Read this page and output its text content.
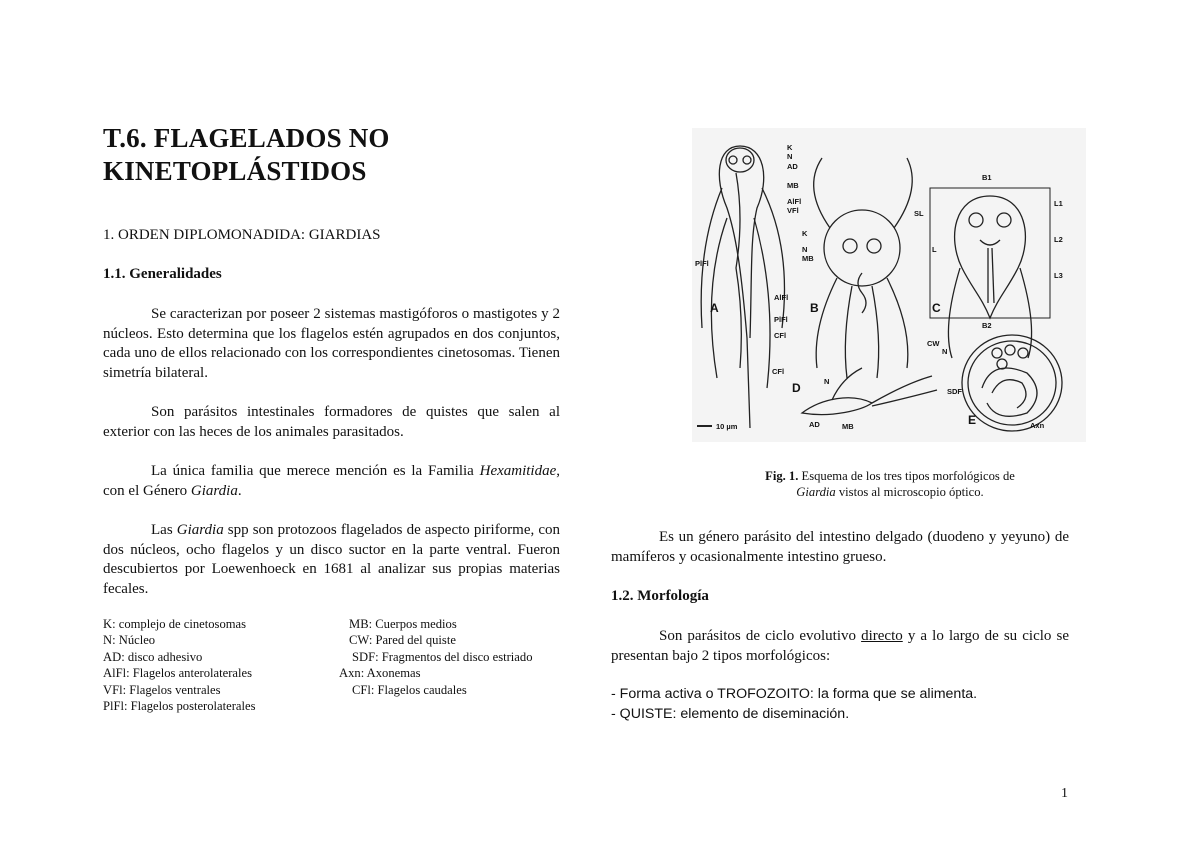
T.6. FLAGELADOS NO KINETOPLÁSTIDOS
1. ORDEN DIPLOMONADIDA: GIARDIAS
1.1. Generalidades
Se caracterizan por poseer 2 sistemas mastigóforos o mastigotes y 2 núcleos. Esto determina que los flagelos estén agrupados en dos conjuntos, cada uno de ellos relacionado con los correspondientes cinetosomas. Tienen simetría bilateral.
Son parásitos intestinales formadores de quistes que salen al exterior con las heces de los animales parasitados.
La única familia que merece mención es la Familia Hexamitidae, con el Género Giardia.
Las Giardia spp son protozoos flagelados de aspecto piriforme, con dos núcleos, ocho flagelos y un disco suctor en la parte ventral. Fueron descubiertos por Loewenhoeck en 1681 al analizar sus propias materias fecales.
K: complejo de cinetosomas	MB: Cuerpos medios
N: Núcleo	CW: Pared del quiste
AD: disco adhesivo	SDF: Fragmentos del disco estriado
AlFl: Flagelos anterolaterales	Axn: Axonemas
VFl: Flagelos ventrales	CFl: Flagelos caudales
PlFl: Flagelos posterolaterales
K
N
AD
MB
AlFl
VFl
PlFl
A
K
N
MB
AlFl
PlFl
CFl
B
B1
SL
L1
L2
L
L3
C
B2
CW
N
CFl
D	N
AD	MB
SDF
E	Axn
10 µm
Fig. 1. Esquema de los tres tipos morfológicos de
Giardia vistos al microscopio óptico.
Es un género parásito del intestino delgado (duodeno y yeyuno) de mamíferos y ocasionalmente intestino grueso.
1.2. Morfología
Son parásitos de ciclo evolutivo directo y a lo largo de su ciclo se presentan bajo 2 tipos morfológicos:
- Forma activa o TROFOZOITO: la forma que se alimenta.
- QUISTE: elemento de diseminación.
1
